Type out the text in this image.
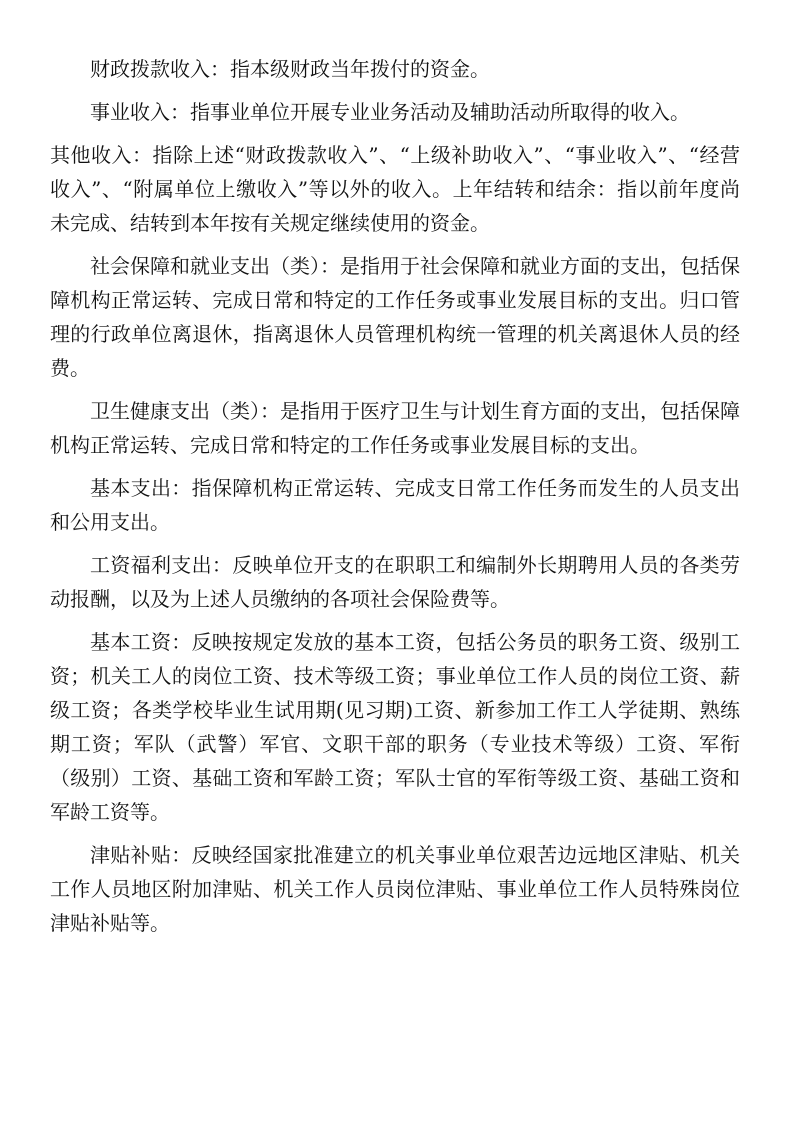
财政拨款收入：指本级财政当年拨付的资金。

事业收入：指事业单位开展专业业务活动及辅助活动所取得的收入。

其他收入：指除上述“财政拨款收入”、“上级补助收入”、“事业收入”、“经营收入”、“附属单位上缴收入”等以外的收入。上年结转和结余：指以前年度尚未完成、结转到本年按有关规定继续使用的资金。

社会保障和就业支出（类）：是指用于社会保障和就业方面的支出，包括保障机构正常运转、完成日常和特定的工作任务或事业发展目标的支出。归口管理的行政单位离退休，指离退休人员管理机构统一管理的机关离退休人员的经费。

卫生健康支出（类）：是指用于医疗卫生与计划生育方面的支出，包括保障机构正常运转、完成日常和特定的工作任务或事业发展目标的支出。

基本支出：指保障机构正常运转、完成支日常工作任务而发生的人员支出和公用支出。

工资福利支出：反映单位开支的在职职工和编制外长期聘用人员的各类劳动报酬，以及为上述人员缴纳的各项社会保险费等。

基本工资：反映按规定发放的基本工资，包括公务员的职务工资、级别工资；机关工人的岗位工资、技术等级工资；事业单位工作人员的岗位工资、薪级工资；各类学校毕业生试用期(见习期)工资、新参加工作工人学徒期、熟练期工资；军队（武警）军官、文职干部的职务（专业技术等级）工资、军衔（级别）工资、基础工资和军龄工资；军队士官的军衔等级工资、基础工资和军龄工资等。

津贴补贴：反映经国家批准建立的机关事业单位艰苦边远地区津贴、机关工作人员地区附加津贴、机关工作人员岗位津贴、事业单位工作人员特殊岗位津贴补贴等。
